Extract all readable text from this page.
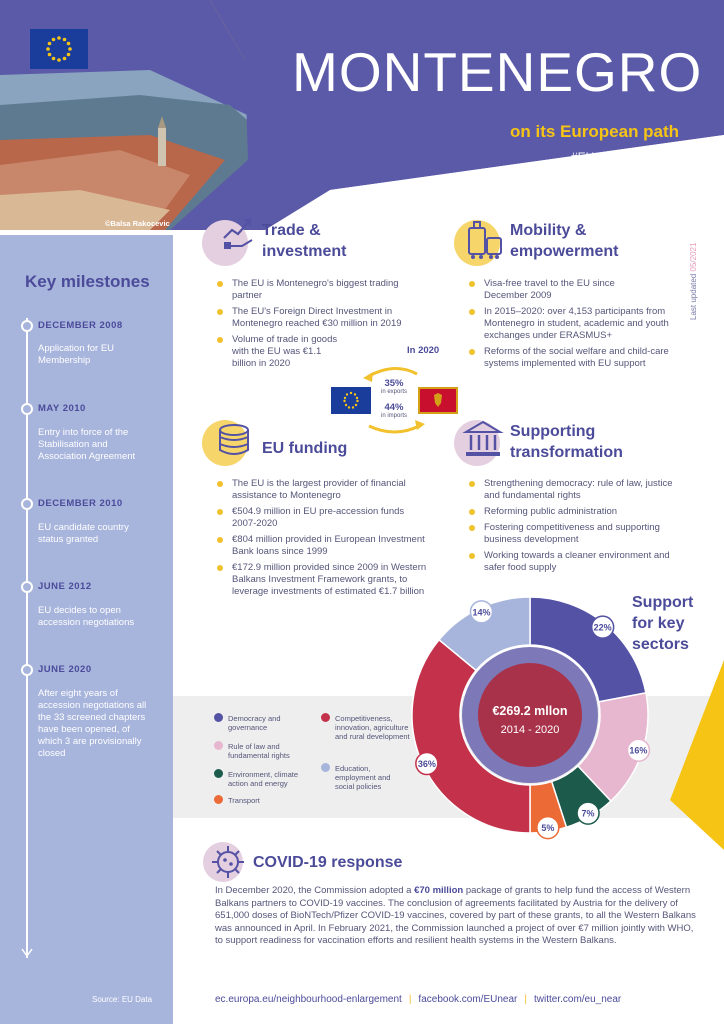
MONTENEGRO
on its European path
#EUenlargement
©Balsa Rakocevic
Last updated 05/2021
Key milestones
DECEMBER 2008
Application for EU Membership
MAY 2010
Entry into force of the Stabilisation and Association Agreement
DECEMBER 2010
EU candidate country status granted
JUNE 2012
EU decides to open accession negotiations
JUNE 2020
After eight years of accession negotiations all the 33 screened chapters have been opened, of which 3 are provisionally closed
Source: EU Data
Trade &
investment
The EU is Montenegro's biggest trading partner
The EU's Foreign Direct Investment in Montenegro reached €30 million in 2019
Volume of trade in goods with the EU was €1.1 billion in 2020
In 2020
35%
in exports
44%
in imports
Mobility &
empowerment
Visa-free travel to the EU since December 2009
In 2015–2020: over 4,153 participants from Montenegro in student, academic and youth exchanges under ERASMUS+
Reforms of the social welfare and child-care systems implemented with EU support
EU funding
The EU is the largest provider of financial assistance to Montenegro
€504.9 million in EU pre-accession funds 2007-2020
€804 million provided in European Investment Bank loans since 1999
€172.9 million provided since 2009 in Western Balkans Investment Framework grants, to leverage investments of estimated €1.7 billion
Supporting
transformation
Strengthening democracy: rule of law, justice and fundamental rights
Reforming public administration
Fostering competitiveness and supporting business development
Working towards a cleaner environment and safer food supply
Support
for key
sectors
22%
16%
7%
5%
36%
14%
€269.2 mllon
2014 - 2020
Democracy and governance
Rule of law and fundamental rights
Environment, climate action and energy
Transport
Competitiveness, innovation, agriculture and rural development
Education, employment and social policies
COVID-19 response
In December 2020, the Commission adopted a €70 million package of grants to help fund the access of Western Balkans partners to COVID-19 vaccines. The conclusion of agreements facilitated by Austria for the delivery of 651,000 doses of BioNTech/Pfizer COVID-19 vaccines, covered by part of these grants, to all the Western Balkans was announced in April. In February 2021, the Commission launched a project of over €7 million jointly with WHO, to support readiness for vaccination efforts and resilient health systems in the Western Balkans.
ec.europa.eu/neighbourhood-enlargement | facebook.com/EUnear | twitter.com/eu_near
